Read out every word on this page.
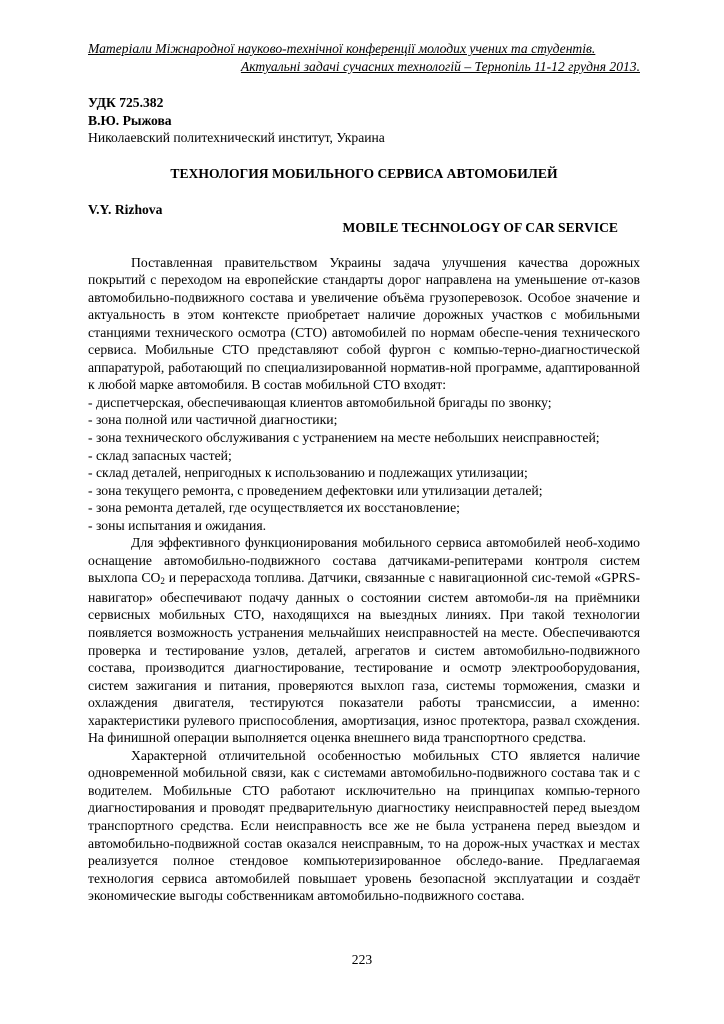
Матеріали Міжнародної науково-технічної конференції молодих учених та студентів.
Актуальні задачі сучасних технологій – Тернопіль 11-12 грудня 2013.
УДК 725.382
В.Ю. Рыжова
Николаевский политехнический институт, Украина
ТЕХНОЛОГИЯ МОБИЛЬНОГО СЕРВИСА АВТОМОБИЛЕЙ
V.Y. Rizhova
MOBILE TECHNOLOGY OF CAR SERVICE

Поставленная правительством Украины задача улучшения качества дорожных покрытий с переходом на европейские стандарты дорог направлена на уменьшение от-казов автомобильно-подвижного состава и увеличение объёма грузоперевозок. Особое значение и актуальность в этом контексте приобретает наличие дорожных участков с мобильными станциями технического осмотра (СТО) автомобилей по нормам обеспе-чения технического сервиса. Мобильные СТО представляют собой фургон с компью-терно-диагностической аппаратурой, работающий по специализированной норматив-ной программе, адаптированной к любой марке автомобиля. В состав мобильной СТО входят:

- диспетчерская, обеспечивающая клиентов автомобильной бригады по звонку;

- зона полной или частичной диагностики;

- зона технического обслуживания с устранением на месте небольших неисправностей;

- склад запасных частей;

- склад деталей, непригодных к использованию и подлежащих утилизации;

- зона текущего ремонта, с проведением дефектовки или утилизации деталей;

- зона ремонта деталей, где осуществляется их восстановление;

- зоны испытания и ожидания.

Для эффективного функционирования мобильного сервиса автомобилей необ-ходимо оснащение автомобильно-подвижного состава датчиками-репитерами контроля систем выхлопа $СО_2$ и перерасхода топлива. Датчики, связанные с навигационной сис-темой «GPRS-навигатор» обеспечивают подачу данных о состоянии систем автомоби-ля на приёмники сервисных мобильных СТО, находящихся на выездных линиях. При такой технологии появляется возможность устранения мельчайших неисправностей на месте. Обеспечиваются проверка и тестирование узлов, деталей, агрегатов и систем автомобильно-подвижного состава, производится диагностирование, тестирование и осмотр электрооборудования, систем зажигания и питания, проверяются выхлоп газа, системы торможения, смазки и охлаждения двигателя, тестируются показатели работы трансмиссии, а именно: характеристики рулевого приспособления, амортизация, износ протектора, развал схождения. На финишной операции выполняется оценка внешнего вида транспортного средства.

Характерной отличительной особенностью мобильных СТО является наличие одновременной мобильной связи, как с системами автомобильно-подвижного состава так и с водителем. Мобильные СТО работают исключительно на принципах компью-терного диагностирования и проводят предварительную диагностику неисправностей перед выездом транспортного средства. Если неисправность все же не была устранена перед выездом и автомобильно-подвижной состав оказался неисправным, то на дорож-ных участках и местах реализуется полное стендовое компьютеризированное обследо-вание. Предлагаемая технология сервиса автомобилей повышает уровень безопасной эксплуатации и создаёт экономические выгоды собственникам автомобильно-подвижного состава.

223
